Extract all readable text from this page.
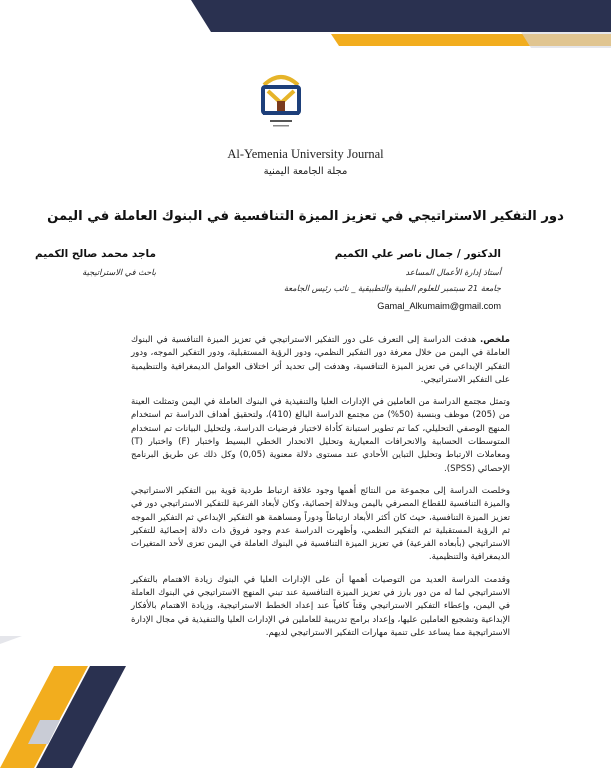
Al-Yemenia University Journal
مجلة الجامعة اليمنية
دور التفكير الاستراتيجي في تعزيز الميزة التنافسية في البنوك العاملة في اليمن
الدكتور / جمال ناصر علي الكميم
أستاذ إدارة الأعمال المساعد
جامعة 21 سبتمبر للعلوم الطبية والتطبيقية _ نائب رئيس الجامعة
Gamal_Alkumaim@gmail.com
ماجد محمد صالح الكميم
باحث في الاستراتيجية

ملخص. هدفت الدراسة إلى التعرف على دور التفكير الاستراتيجي في تعزيز الميزة التنافسية في البنوك العاملة في اليمن من خلال معرفة دور التفكير النظمي، ودور الرؤية المستقبلية، ودور التفكير الموجه، ودور التفكير الإبداعي في تعزيز الميزة التنافسية، وهدفت إلى تحديد أثر اختلاف العوامل الديمغرافية والتنظيمية على التفكير الاستراتيجي.

وتمثل مجتمع الدراسة من العاملين في الإدارات العليا والتنفيذية في البنوك العاملة في اليمن وتمثلت العينة من (205) موظف وبنسبة (50%) من مجتمع الدراسة البالغ (410)، ولتحقيق أهداف الدراسة تم استخدام المنهج الوصفي التحليلي، كما تم تطوير استبانة كأداة لاختبار فرضيات الدراسة، ولتحليل البيانات تم استخدام المتوسطات الحسابية والانحرافات المعيارية وتحليل الانحدار الخطي البسيط واختبار (F) واختبار (T) ومعاملات الارتباط وتحليل التباين الأحادي عند مستوى دلالة معنوية (0,05) وكل ذلك عن طريق البرنامج الإحصائي (SPSS).

وخلصت الدراسة إلى مجموعة من النتائج أهمها وجود علاقة ارتباط طردية قوية بين التفكير الاستراتيجي والميزة التنافسية للقطاع المصرفي باليمن وبدلالة إحصائية، وكان لأبعاد الفرعية للتفكير الاستراتيجي دور في تعزيز الميزة التنافسية، حيث كان أكثر الأبعاد ارتباطاً ودوراً ومساهمة هو التفكير الإبداعي ثم التفكير الموجه ثم الرؤية المستقبلية ثم التفكير النظمي، وأظهرت الدراسة عدم وجود فروق ذات دلالة إحصائية للتفكير الاستراتيجي (بأبعاده الفرعية) في تعزيز الميزة التنافسية في البنوك العاملة في اليمن تعزى لأحد المتغيرات الديمغرافية والتنظيمية.

وقدمت الدراسة العديد من التوصيات أهمها أن على الإدارات العليا في البنوك زيادة الاهتمام بالتفكير الاستراتيجي لما له من دور بارز في تعزيز الميزة التنافسية عند تبني المنهج الاستراتيجي في البنوك العاملة في اليمن، وإعطاء التفكير الاستراتيجي وقتاً كافياً عند إعداد الخطط الاستراتيجية، وزيادة الاهتمام بالأفكار الإبداعية وتشجيع العاملين عليها، وإعداد برامج تدريبية للعاملين في الإدارات العليا والتنفيذية في مجال الإدارة الاستراتيجية مما يساعد على تنمية مهارات التفكير الاستراتيجي لديهم.
